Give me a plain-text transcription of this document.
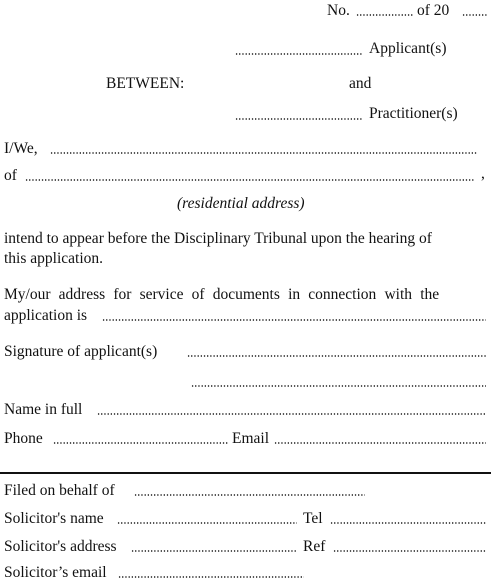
No.	of 20
Applicant(s)
BETWEEN:	and
Practitioner(s)
I/We,
of	,
(residential address)
intend to appear before the Disciplinary Tribunal upon the hearing of
this application.
My/our address for service of documents in connection with the
application is
Signature of applicant(s)
Name in full
Phone	Email
Filed on behalf of
Solicitor's name	Tel
Solicitor's address	Ref
Solicitor’s email
